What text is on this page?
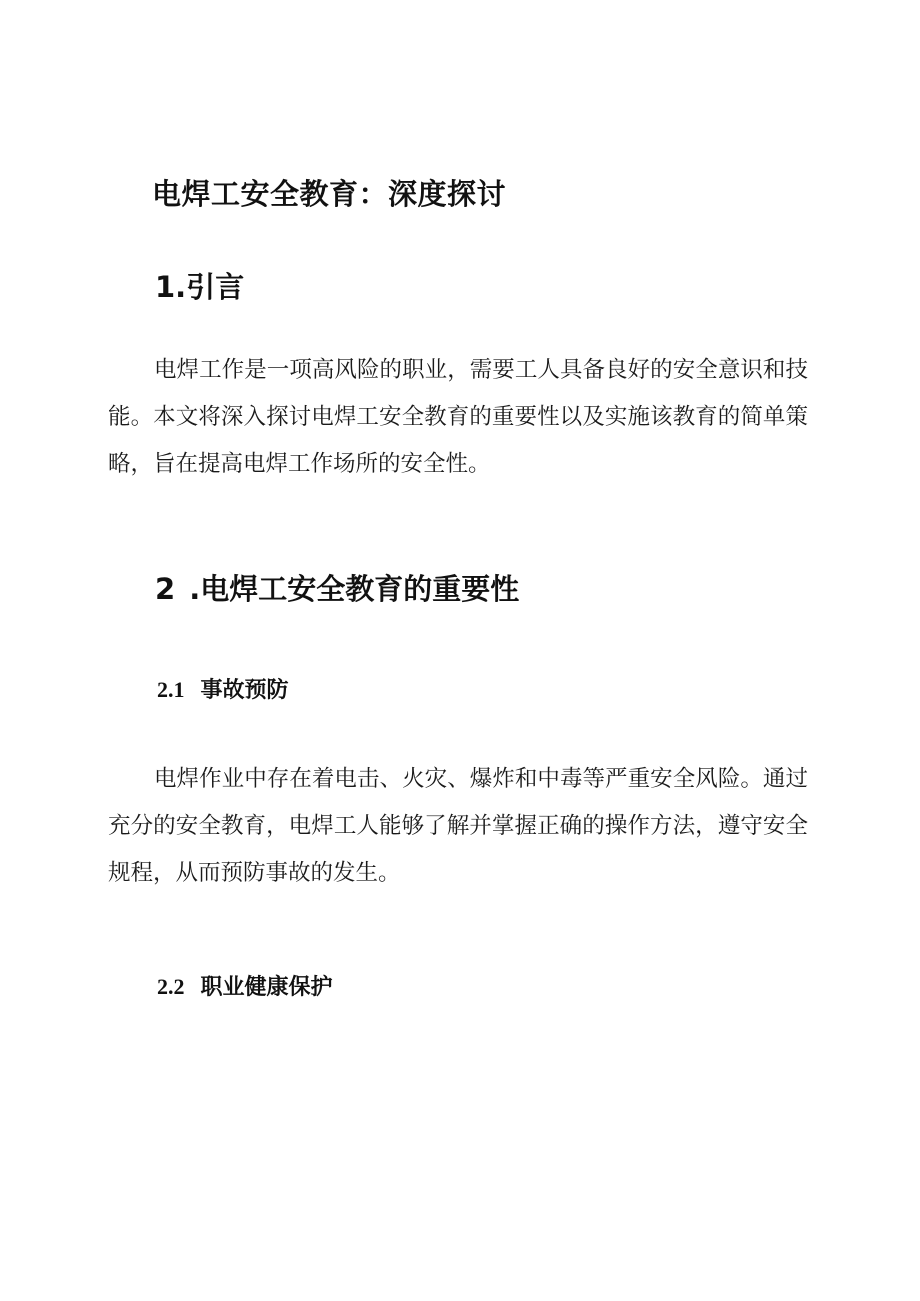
电焊工安全教育：深度探讨
1.引言

电焊工作是一项高风险的职业，需要工人具备良好的安全意识和技能。本文将深入探讨电焊工安全教育的重要性以及实施该教育的简单策略，旨在提高电焊工作场所的安全性。

2 .电焊工安全教育的重要性
2.1 事故预防

电焊作业中存在着电击、火灾、爆炸和中毒等严重安全风险。通过充分的安全教育，电焊工人能够了解并掌握正确的操作方法，遵守安全规程，从而预防事故的发生。

2.2 职业健康保护
